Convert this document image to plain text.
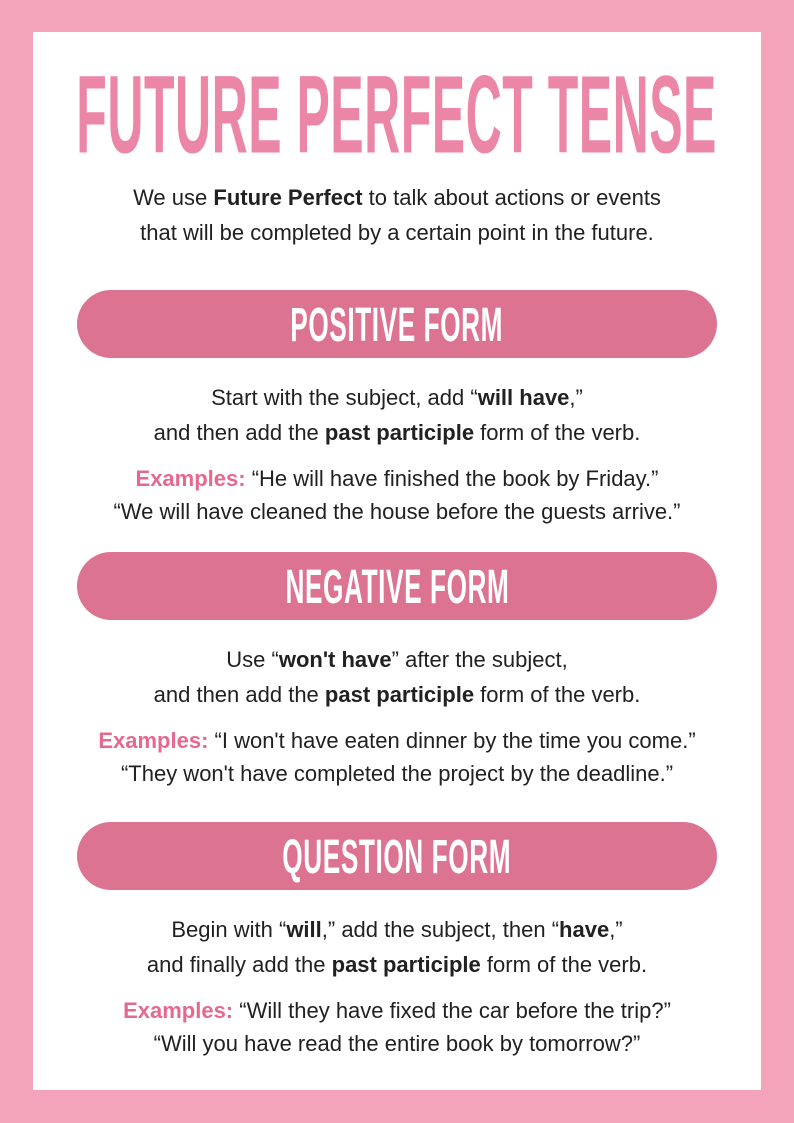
FUTURE PERFECT TENSE
We use Future Perfect to talk about actions or events
that will be completed by a certain point in the future.
POSITIVE FORM
Start with the subject, add “will have,”
and then add the past participle form of the verb.
Examples: “He will have finished the book by Friday.”
“We will have cleaned the house before the guests arrive.”
NEGATIVE FORM
Use “won't have” after the subject,
and then add the past participle form of the verb.
Examples: “I won't have eaten dinner by the time you come.”
“They won't have completed the project by the deadline.”
QUESTION FORM
Begin with “will,” add the subject, then “have,”
and finally add the past participle form of the verb.
Examples: “Will they have fixed the car before the trip?”
“Will you have read the entire book by tomorrow?”
